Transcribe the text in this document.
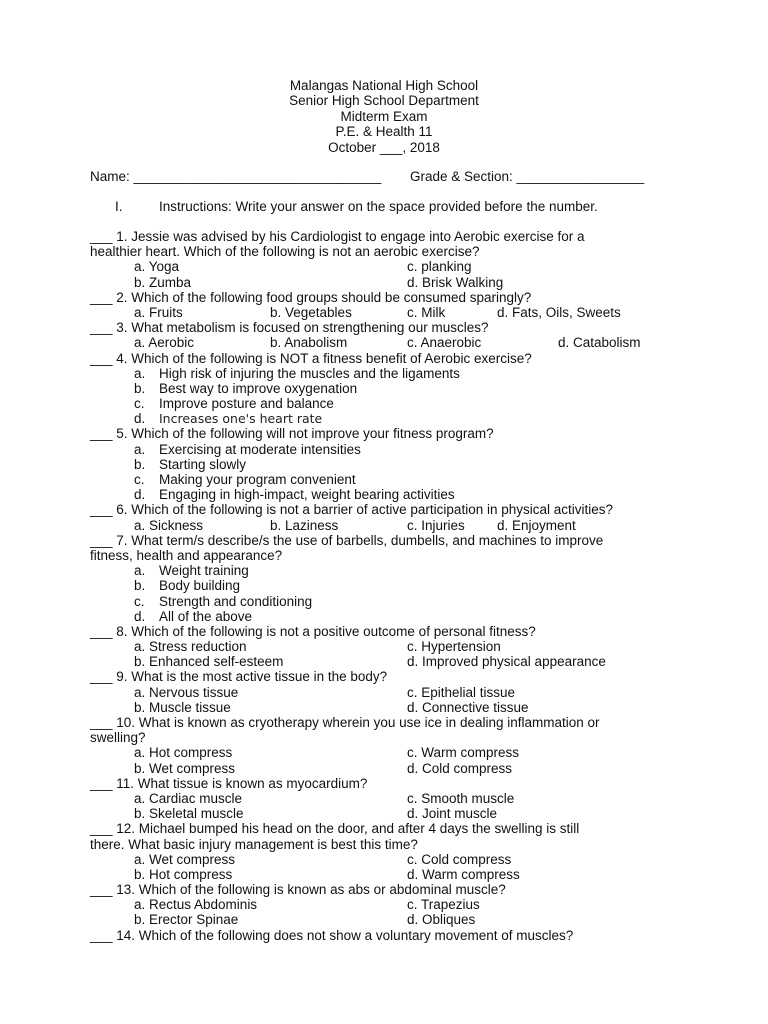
Malangas National High School
Senior High School Department
Midterm Exam
P.E. & Health 11
October ___, 2018
Name: _________________________________ Grade & Section: _________________
I.	Instructions: Write your answer on the space provided before the number.
___ 1. Jessie was advised by his Cardiologist to engage into Aerobic exercise for a
healthier heart. Which of the following is not an aerobic exercise?
a. Yoga	c. planking
b. Zumba	d. Brisk Walking
___ 2. Which of the following food groups should be consumed sparingly?
a. Fruits	b. Vegetables	c. Milk	d. Fats, Oils, Sweets
___ 3. What metabolism is focused on strengthening our muscles?
a. Aerobic	b. Anabolism	c. Anaerobic	d. Catabolism
___ 4. Which of the following is NOT a fitness benefit of Aerobic exercise?
a. High risk of injuring the muscles and the ligaments
b. Best way to improve oxygenation
c. Improve posture and balance
d. Increases one's heart rate
___ 5. Which of the following will not improve your fitness program?
a. Exercising at moderate intensities
b. Starting slowly
c. Making your program convenient
d. Engaging in high-impact, weight bearing activities
___ 6. Which of the following is not a barrier of active participation in physical activities?
a. Sickness	b. Laziness	c. Injuries d. Enjoyment
___ 7. What term/s describe/s the use of barbells, dumbells, and machines to improve
fitness, health and appearance?
a. Weight training
b. Body building
c. Strength and conditioning
d. All of the above
___ 8. Which of the following is not a positive outcome of personal fitness?
a. Stress reduction	c. Hypertension
b. Enhanced self-esteem	d. Improved physical appearance
___ 9. What is the most active tissue in the body?
a. Nervous tissue	c. Epithelial tissue
b. Muscle tissue	d. Connective tissue
___ 10. What is known as cryotherapy wherein you use ice in dealing inflammation or
swelling?
a. Hot compress	c. Warm compress
b. Wet compress	d. Cold compress
___ 11. What tissue is known as myocardium?
a. Cardiac muscle	c. Smooth muscle
b. Skeletal muscle	d. Joint muscle
___ 12. Michael bumped his head on the door, and after 4 days the swelling is still
there. What basic injury management is best this time?
a. Wet compress	c. Cold compress
b. Hot compress	d. Warm compress
___ 13. Which of the following is known as abs or abdominal muscle?
a. Rectus Abdominis	c. Trapezius
b. Erector Spinae	d. Obliques
___ 14. Which of the following does not show a voluntary movement of muscles?
